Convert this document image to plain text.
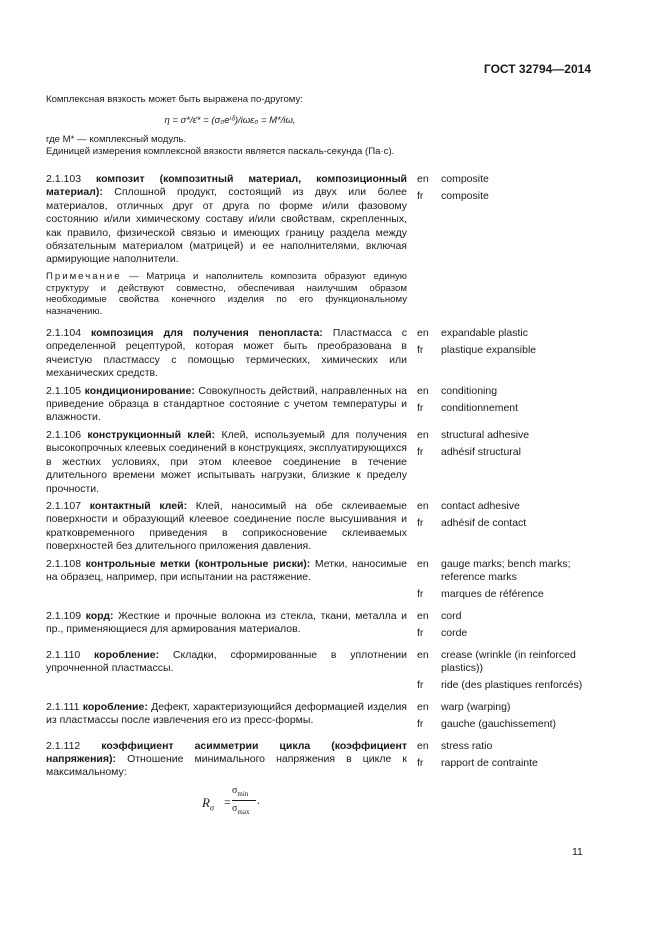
ГОСТ 32794—2014
Комплексная вязкость может быть выражена по-другому:
η = σ*/ε̇* = (σ₀eⁱᵟ)/iωε₀ = M*/iω,
где M* — комплексный модуль.
Единицей измерения комплексной вязкости является паскаль-секунда (Па·с).
2.1.103 композит (композитный материал, композиционный материал): Сплошной продукт, состоящий из двух или более материалов, отличных друг от друга по форме и/или фазовому состоянию и/или химическому составу и/или свойствам, скрепленных, как правило, физической связью и имеющих границу раздела между обязательным материалом (матрицей) и ее наполнителями, включая армирующие наполнители.
en	composite
fr	composite
Примечание — Матрица и наполнитель композита образуют единую структуру и действуют совместно, обеспечивая наилучшим образом необходимые свойства конечного изделия по его функциональному назначению.
2.1.104 композиция для получения пенопласта: Пластмасса с определенной рецептурой, которая может быть преобразована в ячеистую пластмассу с помощью термических, химических или механических средств.
en	expandable plastic
fr	plastique expansible
2.1.105 кондиционирование: Совокупность действий, направленных на приведение образца в стандартное состояние с учетом температуры и влажности.
en	conditioning
fr	conditionnement
2.1.106 конструкционный клей: Клей, используемый для получения высокопрочных клеевых соединений в конструкциях, эксплуатирующихся в жестких условиях, при этом клеевое соединение в течение длительного времени может испытывать нагрузки, близкие к пределу прочности.
en	structural adhesive
fr	adhésif structural
2.1.107 контактный клей: Клей, наносимый на обе склеиваемые поверхности и образующий клеевое соединение после высушивания и кратковременного приведения в соприкосновение склеиваемых поверхностей без длительного приложения давления.
en	contact adhesive
fr	adhésif de contact
2.1.108 контрольные метки (контрольные риски): Метки, наносимые на образец, например, при испытании на растяжение.
en	gauge marks; bench marks; reference marks
fr	marques de référence
2.1.109 корд: Жесткие и прочные волокна из стекла, ткани, металла и пр., применяющиеся для армирования материалов.
en	cord
fr	corde
2.1.110 коробление: Складки, сформированные в уплотнении упрочненной пластмассы.
en	crease (wrinkle (in reinforced plastics))
fr	ride (des plastiques renforcés)
2.1.111 коробление: Дефект, характеризующийся деформацией изделия из пластмассы после извлечения его из пресс-формы.
en	warp (warping)
fr	gauche (gauchissement)
2.1.112 коэффициент асимметрии цикла (коэффициент напряжения): Отношение минимального напряжения в цикле к максимальному:
en	stress ratio
fr	rapport de contrainte
$R_\sigma$ =
$\sigma_{min}$
$\sigma_{max}$
.
11
